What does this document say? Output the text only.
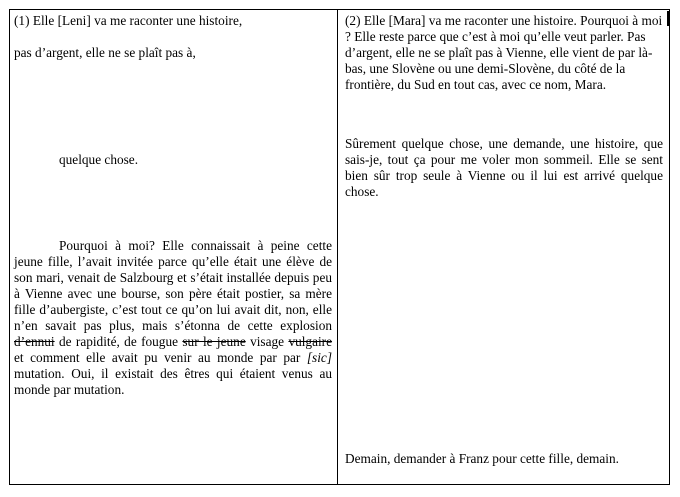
(1) Elle [Leni] va me raconter une histoire,
pas d’argent, elle ne se plaît pas à,
quelque chose.

Pourquoi à moi? Elle connaissait à peine cette jeune fille, l’avait invitée parce qu’elle était une élève de son mari, venait de Salzbourg et s’était installée depuis peu à Vienne avec une bourse, son père était postier, sa mère fille d’aubergiste, c’est tout ce qu’on lui avait dit, non, elle n’en savait pas plus, mais s’étonna de cette explosion d’ennui de rapidité, de fougue sur le jeune visage vulgaire et comment elle avait pu venir au monde par par [sic] mutation. Oui, il existait des êtres qui étaient venus au monde par mutation.

(2) Elle [Mara] va me raconter une histoire. Pourquoi à moi ? Elle reste parce que c’est à moi qu’elle veut parler. Pas d’argent, elle ne se plaît pas à Vienne, elle vient de par là-bas, une Slovène ou une demi-Slovène, du côté de la frontière, du Sud en tout cas, avec ce nom, Mara.

Sûrement quelque chose, une demande, une histoire, que sais-je, tout ça pour me voler mon sommeil. Elle se sent bien sûr trop seule à Vienne ou il lui est arrivé quelque chose.

Demain, demander à Franz pour cette fille, demain.
